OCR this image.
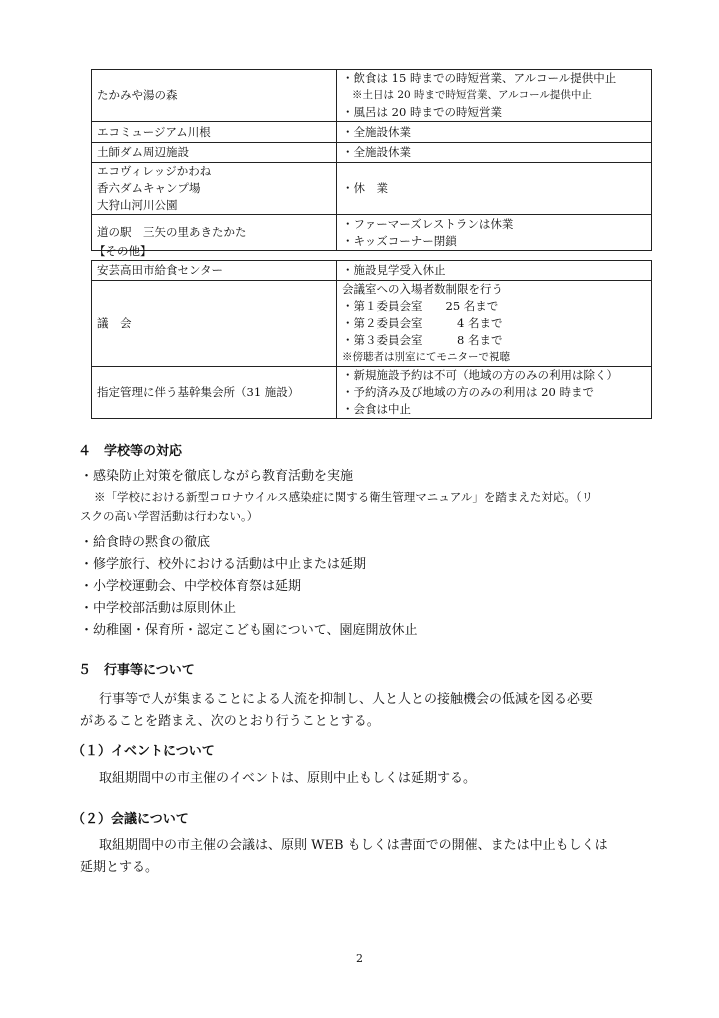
たかみや湯の森	・飲食は 15 時までの時短営業、アルコール提供中止
※土日は 20 時まで時短営業、アルコール提供中止
・風呂は 20 時までの時短営業

エコミュージアム川根	・全施設休業

土師ダム周辺施設	・全施設休業

エコヴィレッジかわね
香六ダムキャンプ場
大狩山河川公園	・休　業

道の駅　三矢の里あきたかた	・ファーマーズレストランは休業
・キッズコーナー閉鎖
【その他】
安芸高田市給食センター	・施設見学受入休止

議　会	会議室への入場者数制限を行う
・第１委員会室　　25 名まで
・第２委員会室　　　4 名まで
・第３委員会室　　　8 名まで
※傍聴者は別室にてモニターで視聴

指定管理に伴う基幹集会所（31 施設）	・新規施設予約は不可（地域の方のみの利用は除く）
・予約済み及び地域の方のみの利用は 20 時まで
・会食は中止
４　学校等の対応
・感染防止対策を徹底しながら教育活動を実施
※「学校における新型コロナウイルス感染症に関する衛生管理マニュアル」を踏まえた対応。（リ
スクの高い学習活動は行わない。）
・給食時の黙食の徹底
・修学旅行、校外における活動は中止または延期
・小学校運動会、中学校体育祭は延期
・中学校部活動は原則休止
・幼稚園・保育所・認定こども園について、園庭開放休止
５　行事等について
行事等で人が集まることによる人流を抑制し、人と人との接触機会の低減を図る必要
があることを踏まえ、次のとおり行うこととする。
（１）イベントについて
取組期間中の市主催のイベントは、原則中止もしくは延期する。
（２）会議について
取組期間中の市主催の会議は、原則 WEB もしくは書面での開催、または中止もしくは
延期とする。
2
